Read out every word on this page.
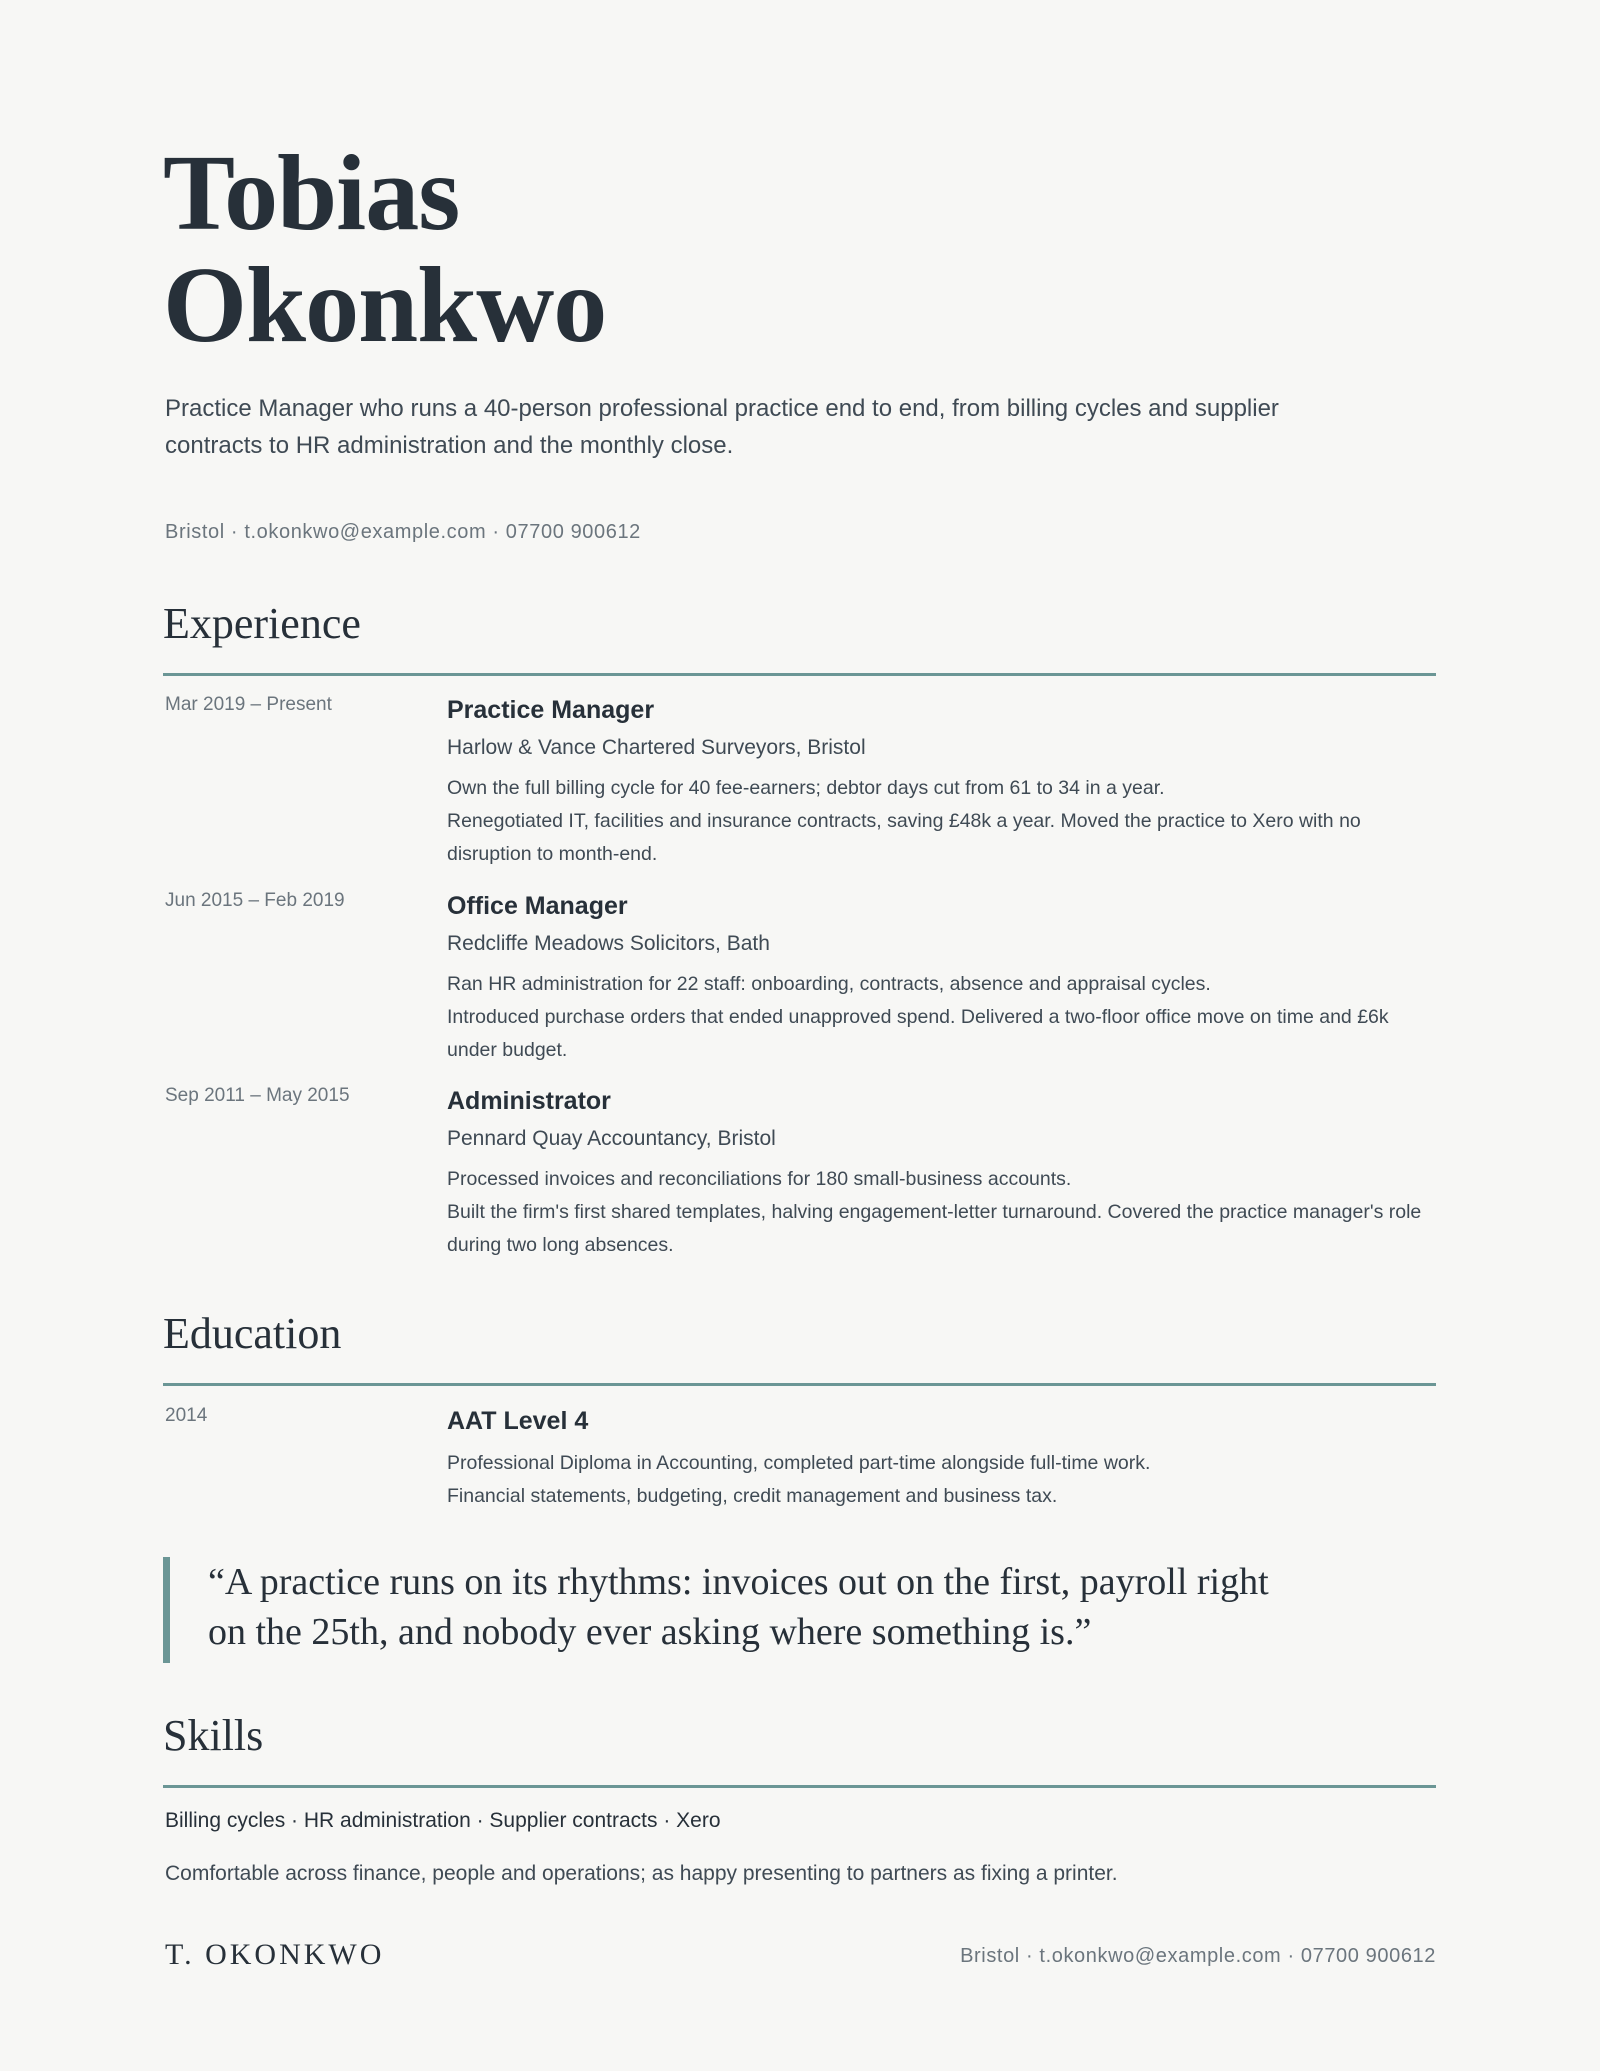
Tobias
Okonkwo

Practice Manager who runs a 40-person professional practice end to end, from billing cycles and supplier contracts to HR administration and the monthly close.

Bristol · t.okonkwo@example.com · 07700 900612

Experience
Mar 2019 – Present	Practice Manager
Harlow & Vance Chartered Surveyors, Bristol

Own the full billing cycle for 40 fee-earners; debtor days cut from 61 to 34 in a year.

Renegotiated IT, facilities and insurance contracts, saving £48k a year. Moved the practice to Xero with no disruption to month-end.

Jun 2015 – Feb 2019	Office Manager
Redcliffe Meadows Solicitors, Bath

Ran HR administration for 22 staff: onboarding, contracts, absence and appraisal cycles.

Introduced purchase orders that ended unapproved spend. Delivered a two-floor office move on time and £6k under budget.

Sep 2011 – May 2015	Administrator
Pennard Quay Accountancy, Bristol

Processed invoices and reconciliations for 180 small-business accounts.

Built the firm's first shared templates, halving engagement-letter turnaround. Covered the practice manager's role during two long absences.

Education
2014	AAT Level 4

Professional Diploma in Accounting, completed part-time alongside full-time work.

Financial statements, budgeting, credit management and business tax.

“A practice runs on its rhythms: invoices out on the first, payroll right on the 25th, and nobody ever asking where something is.”

Skills

Billing cycles · HR administration · Supplier contracts · Xero

Comfortable across finance, people and operations; as happy presenting to partners as fixing a printer.

T. OKONKWO	Bristol · t.okonkwo@example.com · 07700 900612
